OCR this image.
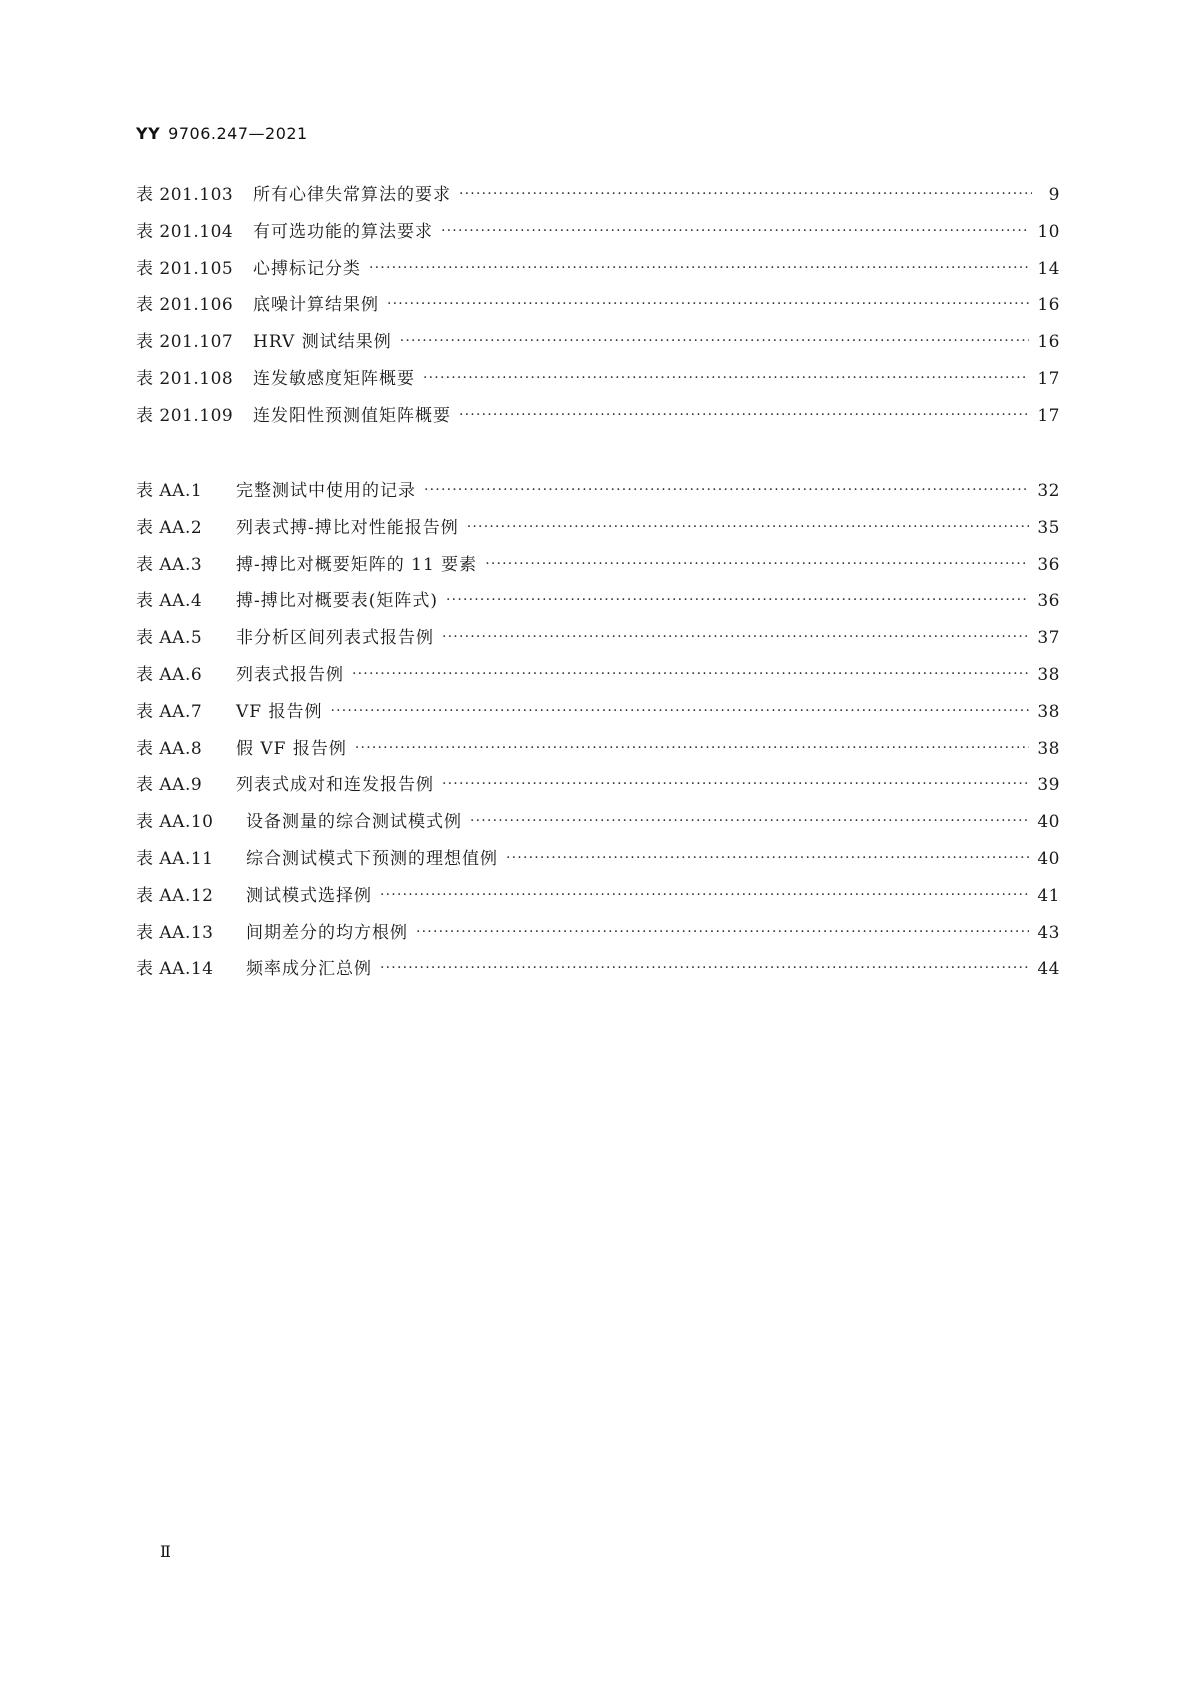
YY 9706.247—2021
表 201.103 所有心律失常算法的要求 ·····	9
表 201.104 有可选功能的算法要求 ·····	10
表 201.105 心搏标记分类 ·····	14
表 201.106 底噪计算结果例 ·····	16
表 201.107 HRV 测试结果例 ·····	16
表 201.108 连发敏感度矩阵概要 ·····	17
表 201.109 连发阳性预测值矩阵概要 ·····	17
表 AA.1 完整测试中使用的记录 ·····	32
表 AA.2 列表式搏-搏比对性能报告例 ·····	35
表 AA.3 搏-搏比对概要矩阵的 11 要素 ·····	36
表 AA.4 搏-搏比对概要表(矩阵式) ·····	36
表 AA.5 非分析区间列表式报告例 ·····	37
表 AA.6 列表式报告例 ·····	38
表 AA.7 VF 报告例 ·····	38
表 AA.8 假 VF 报告例 ·····	38
表 AA.9 列表式成对和连发报告例 ·····	39
表 AA.10 设备测量的综合测试模式例 ·····	40
表 AA.11 综合测试模式下预测的理想值例 ·····	40
表 AA.12 测试模式选择例 ·····	41
表 AA.13 间期差分的均方根例 ·····	43
表 AA.14 频率成分汇总例 ·····	44
Ⅱ
